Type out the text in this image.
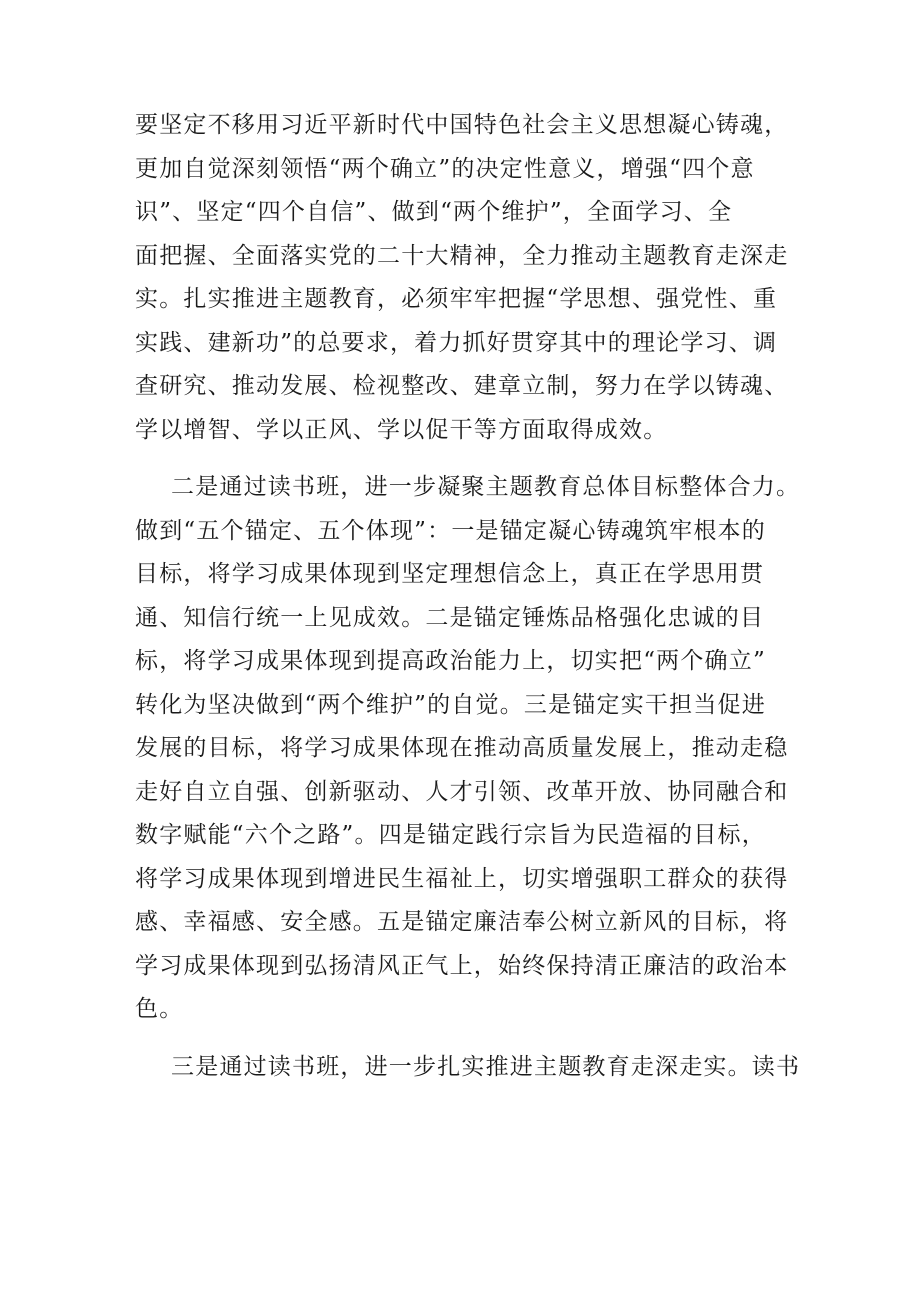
要坚定不移用习近平新时代中国特色社会主义思想凝心铸魂，
更加自觉深刻领悟“两个确立”的决定性意义，增强“四个意
识”、坚定“四个自信”、做到“两个维护”，全面学习、全
面把握、全面落实党的二十大精神，全力推动主题教育走深走
实。扎实推进主题教育，必须牢牢把握“学思想、强党性、重
实践、建新功”的总要求，着力抓好贯穿其中的理论学习、调
查研究、推动发展、检视整改、建章立制，努力在学以铸魂、
学以增智、学以正风、学以促干等方面取得成效。
二是通过读书班，进一步凝聚主题教育总体目标整体合力。
做到“五个锚定、五个体现”：一是锚定凝心铸魂筑牢根本的
目标，将学习成果体现到坚定理想信念上，真正在学思用贯
通、知信行统一上见成效。二是锚定锤炼品格强化忠诚的目
标，将学习成果体现到提高政治能力上，切实把“两个确立”
转化为坚决做到“两个维护”的自觉。三是锚定实干担当促进
发展的目标，将学习成果体现在推动高质量发展上，推动走稳
走好自立自强、创新驱动、人才引领、改革开放、协同融合和
数字赋能“六个之路”。四是锚定践行宗旨为民造福的目标，
将学习成果体现到增进民生福祉上，切实增强职工群众的获得
感、幸福感、安全感。五是锚定廉洁奉公树立新风的目标，将
学习成果体现到弘扬清风正气上，始终保持清正廉洁的政治本
色。
三是通过读书班，进一步扎实推进主题教育走深走实。读书
